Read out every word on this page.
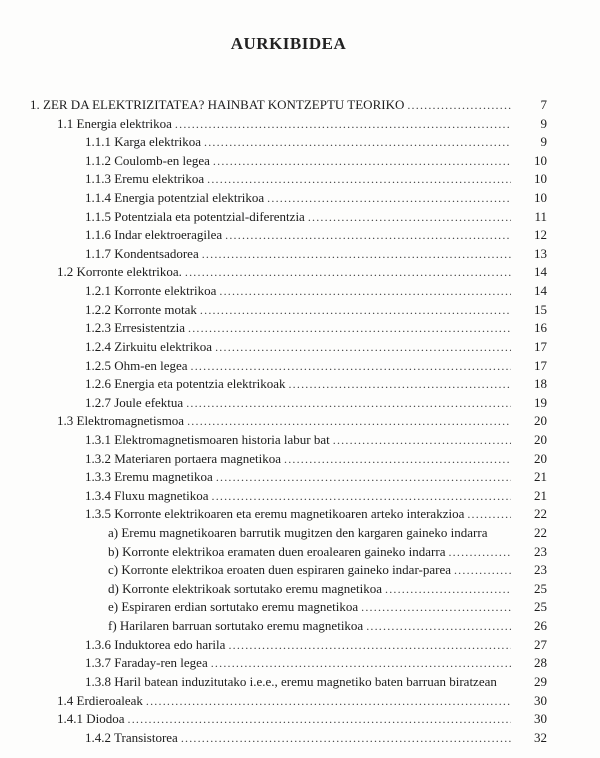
AURKIBIDEA
1. ZER DA ELEKTRIZITATEA? HAINBAT KONTZEPTU TEORIKO .....	7
1.1 Energia elektrikoa .....	9
1.1.1 Karga elektrikoa .....	9
1.1.2 Coulomb-en legea .....	10
1.1.3 Eremu elektrikoa .....	10
1.1.4 Energia potentzial elektrikoa .....	10
1.1.5 Potentziala eta potentzial-diferentzia .....	11
1.1.6 Indar elektroeragilea .....	12
1.1.7 Kondentsadorea .....	13
1.2 Korronte elektrikoa. .....	14
1.2.1 Korronte elektrikoa .....	14
1.2.2 Korronte motak .....	15
1.2.3 Erresistentzia .....	16
1.2.4 Zirkuitu elektrikoa .....	17
1.2.5 Ohm-en legea .....	17
1.2.6 Energia eta potentzia elektrikoak .....	18
1.2.7 Joule efektua .....	19
1.3 Elektromagnetismoa .....	20
1.3.1 Elektromagnetismoaren historia labur bat .....	20
1.3.2 Materiaren portaera magnetikoa .....	20
1.3.3 Eremu magnetikoa .....	21
1.3.4 Fluxu magnetikoa .....	21
1.3.5 Korronte elektrikoaren eta eremu magnetikoaren arteko interakzioa .....	22
a) Eremu magnetikoaren barrutik mugitzen den kargaren gaineko indarra	22
b) Korronte elektrikoa eramaten duen eroalearen gaineko indarra .....	23
c) Korronte elektrikoa eroaten duen espiraren gaineko indar-parea .....	23
d) Korronte elektrikoak sortutako eremu magnetikoa .....	25
e) Espiraren erdian sortutako eremu magnetikoa .....	25
f) Harilaren barruan sortutako eremu magnetikoa .....	26
1.3.6 Induktorea edo harila .....	27
1.3.7 Faraday-ren legea .....	28
1.3.8 Haril batean induzitutako i.e.e., eremu magnetiko baten barruan biratzean	29
1.4 Erdieroaleak .....	30
1.4.1 Diodoa .....	30
1.4.2 Transistorea .....	32
